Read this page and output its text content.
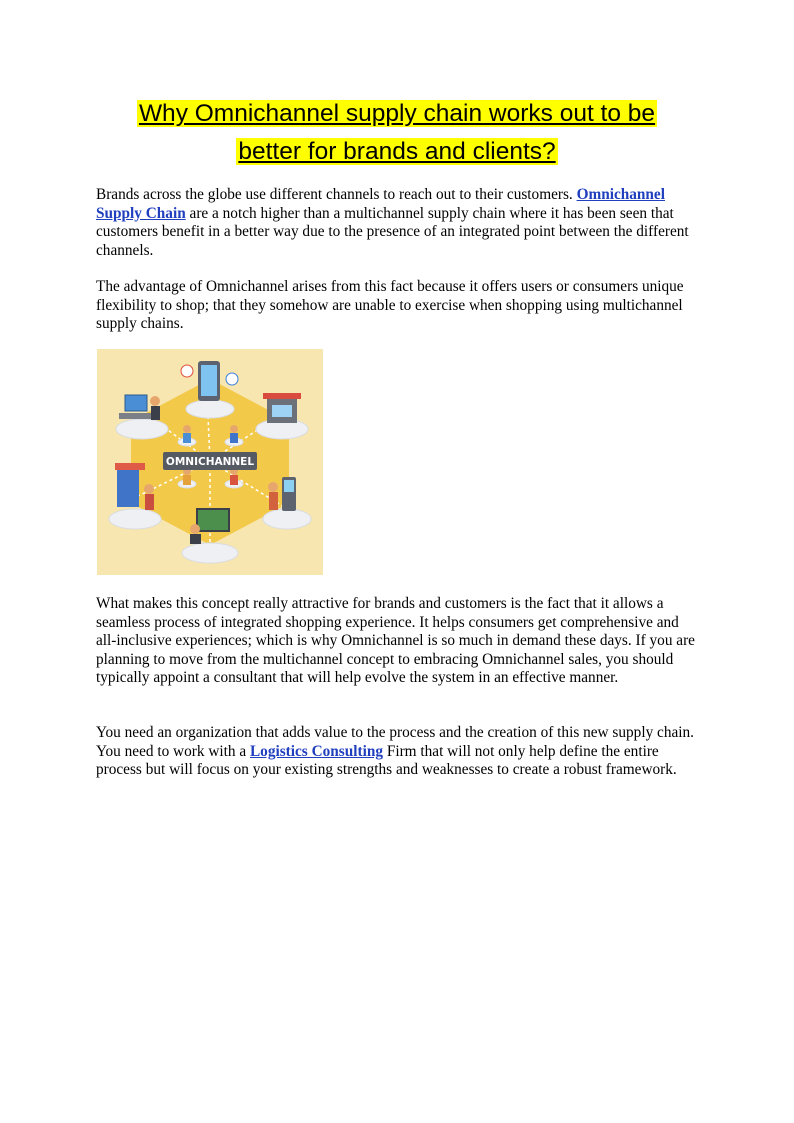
Why Omnichannel supply chain works out to be
better for brands and clients?

Brands across the globe use different channels to reach out to their customers. Omnichannel Supply Chain are a notch higher than a multichannel supply chain where it has been seen that customers benefit in a better way due to the presence of an integrated point between the different channels.

The advantage of Omnichannel arises from this fact because it offers users or consumers unique flexibility to shop; that they somehow are unable to exercise when shopping using multichannel supply chains.

OMNICHANNEL

What makes this concept really attractive for brands and customers is the fact that it allows a seamless process of integrated shopping experience. It helps consumers get comprehensive and all-inclusive experiences; which is why Omnichannel is so much in demand these days. If you are planning to move from the multichannel concept to embracing Omnichannel sales, you should typically appoint a consultant that will help evolve the system in an effective manner.

You need an organization that adds value to the process and the creation of this new supply chain. You need to work with a Logistics Consulting Firm that will not only help define the entire process but will focus on your existing strengths and weaknesses to create a robust framework.
